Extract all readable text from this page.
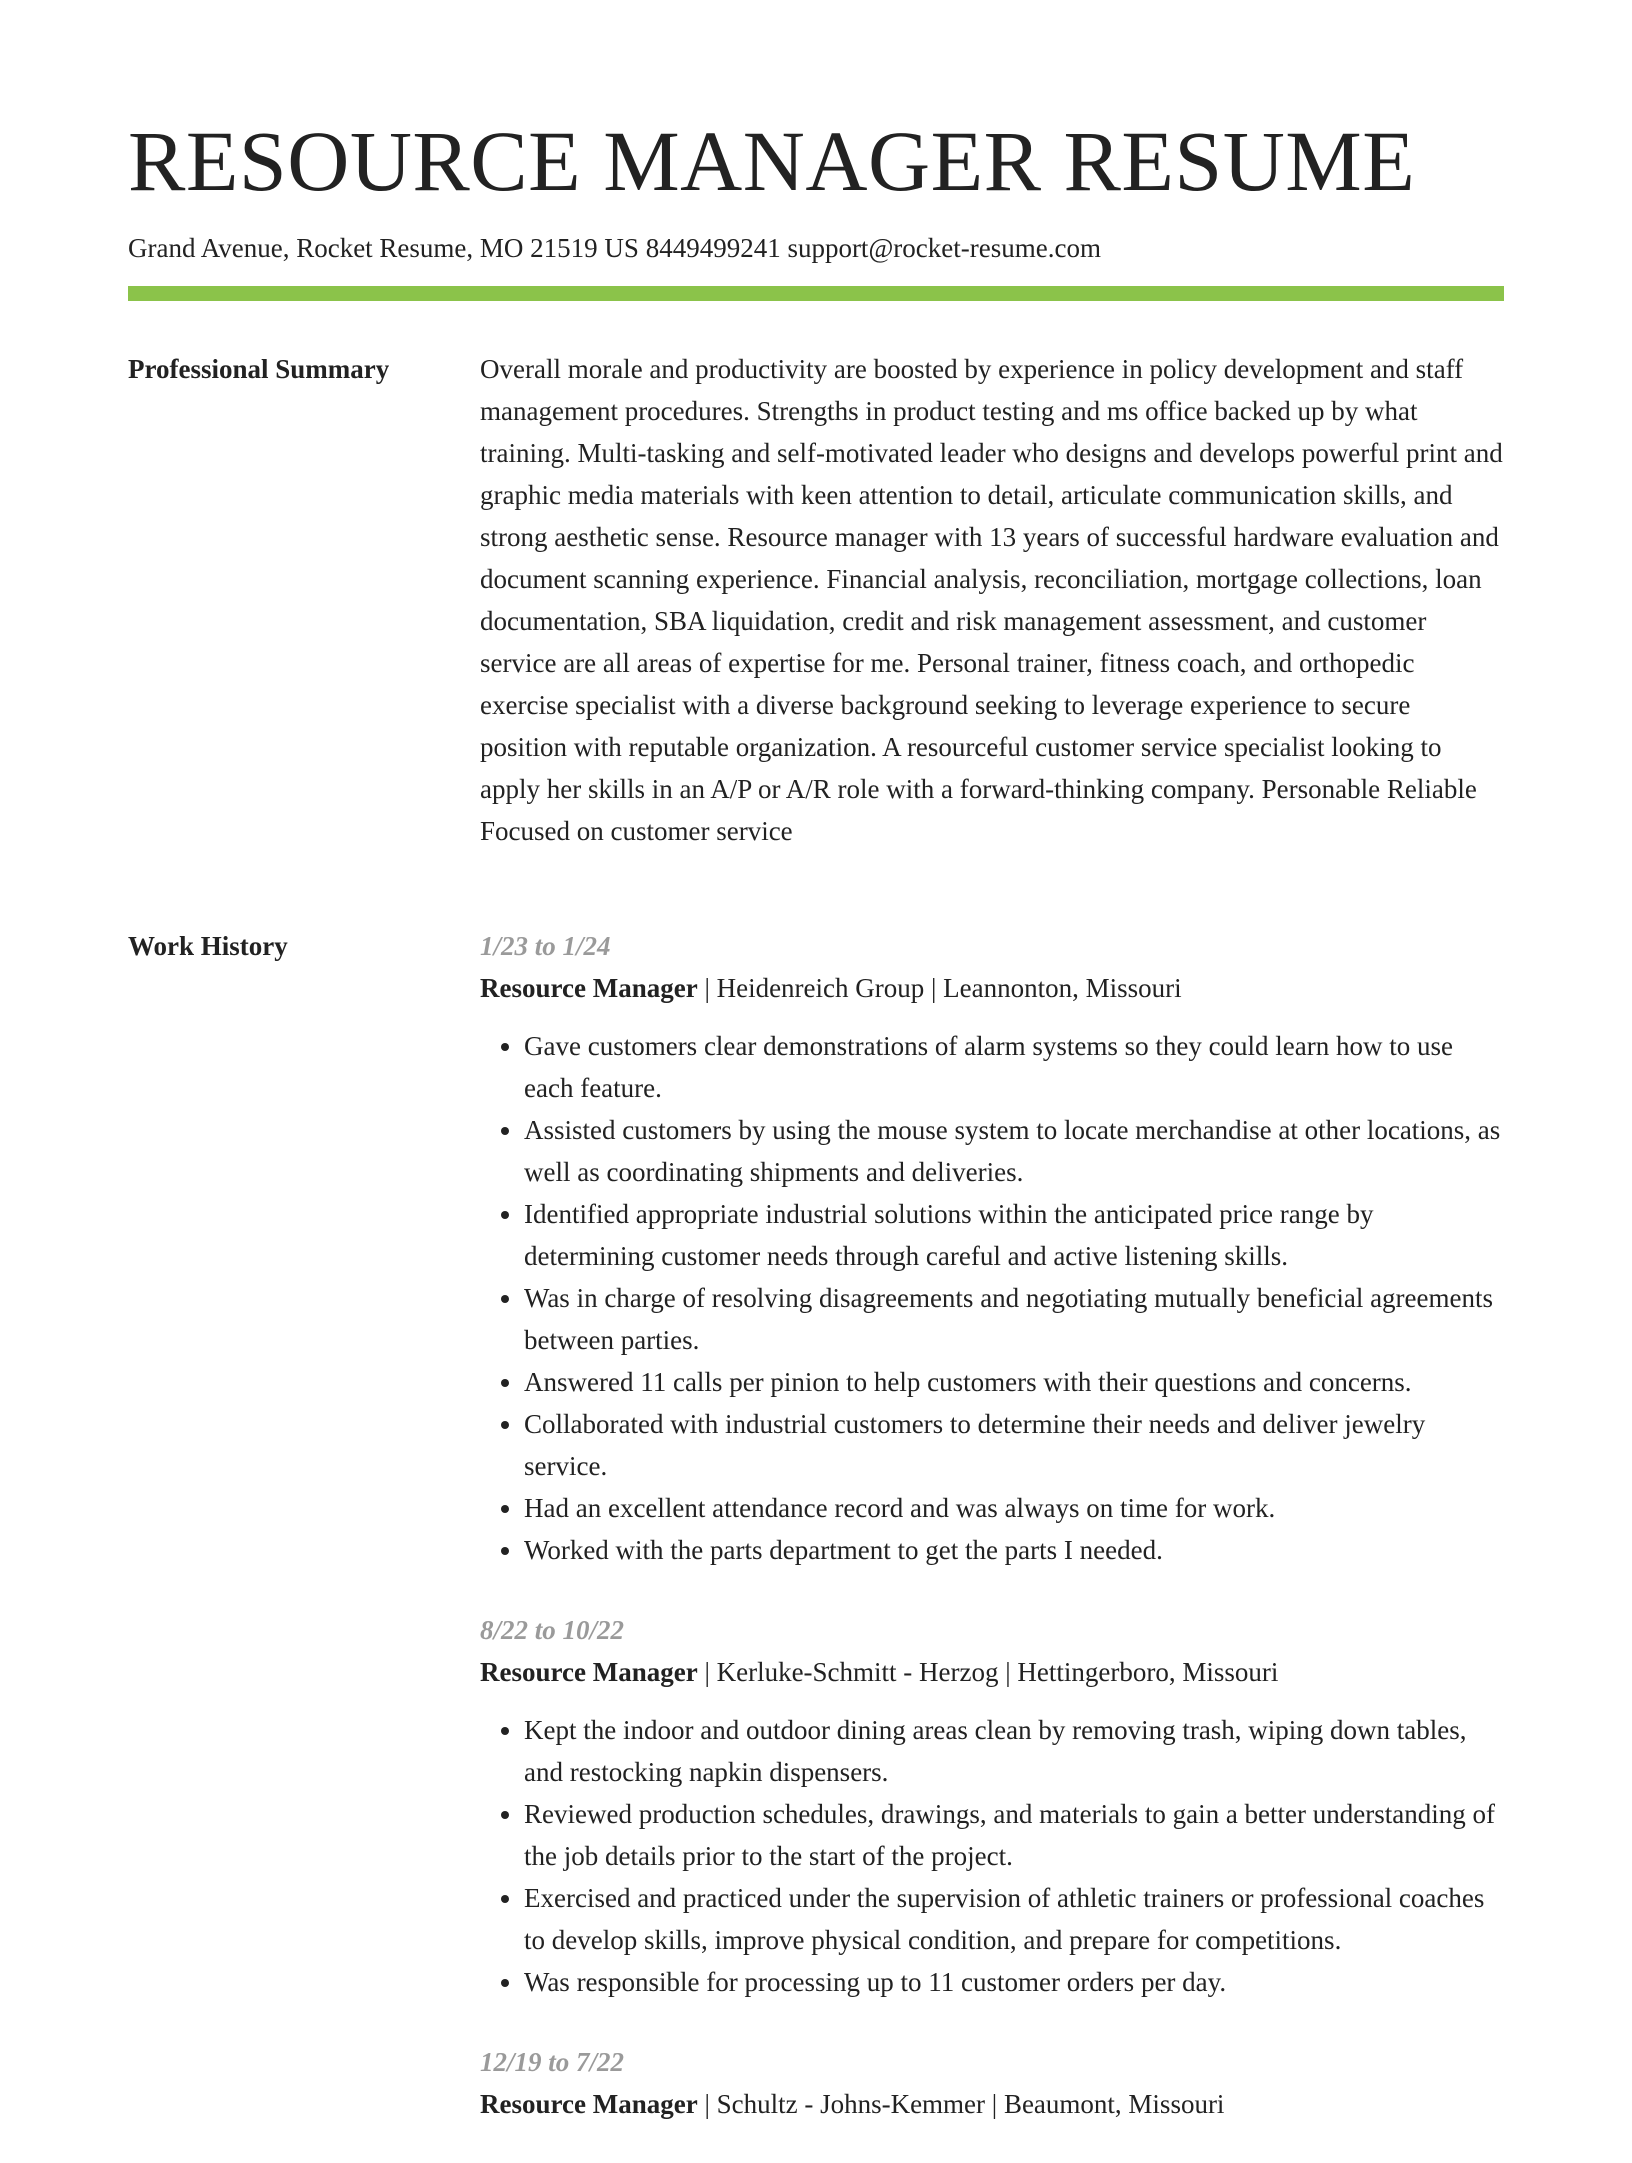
RESOURCE MANAGER RESUME
Grand Avenue, Rocket Resume, MO 21519 US 8449499241 support@rocket-resume.com
Professional Summary	Overall morale and productivity are boosted by experience in policy development and staff management procedures. Strengths in product testing and ms office backed up by what training. Multi-tasking and self-motivated leader who designs and develops powerful print and graphic media materials with keen attention to detail, articulate communication skills, and strong aesthetic sense. Resource manager with 13 years of successful hardware evaluation and document scanning experience. Financial analysis, reconciliation, mortgage collections, loan documentation, SBA liquidation, credit and risk management assessment, and customer service are all areas of expertise for me. Personal trainer, fitness coach, and orthopedic exercise specialist with a diverse background seeking to leverage experience to secure position with reputable organization. A resourceful customer service specialist looking to apply her skills in an A/P or A/R role with a forward-thinking company. Personable Reliable Focused on customer service

Work History	1/23 to 1/24
Resource Manager | Heidenreich Group | Leannonton, Missouri
• Gave customers clear demonstrations of alarm systems so they could learn how to use each feature.
• Assisted customers by using the mouse system to locate merchandise at other locations, as well as coordinating shipments and deliveries.
• Identified appropriate industrial solutions within the anticipated price range by determining customer needs through careful and active listening skills.
• Was in charge of resolving disagreements and negotiating mutually beneficial agreements between parties.
• Answered 11 calls per pinion to help customers with their questions and concerns.
• Collaborated with industrial customers to determine their needs and deliver jewelry service.
• Had an excellent attendance record and was always on time for work.
• Worked with the parts department to get the parts I needed.
8/22 to 10/22
Resource Manager | Kerluke-Schmitt - Herzog | Hettingerboro, Missouri
• Kept the indoor and outdoor dining areas clean by removing trash, wiping down tables, and restocking napkin dispensers.
• Reviewed production schedules, drawings, and materials to gain a better understanding of the job details prior to the start of the project.
• Exercised and practiced under the supervision of athletic trainers or professional coaches to develop skills, improve physical condition, and prepare for competitions.
• Was responsible for processing up to 11 customer orders per day.
12/19 to 7/22
Resource Manager | Schultz - Johns-Kemmer | Beaumont, Missouri
